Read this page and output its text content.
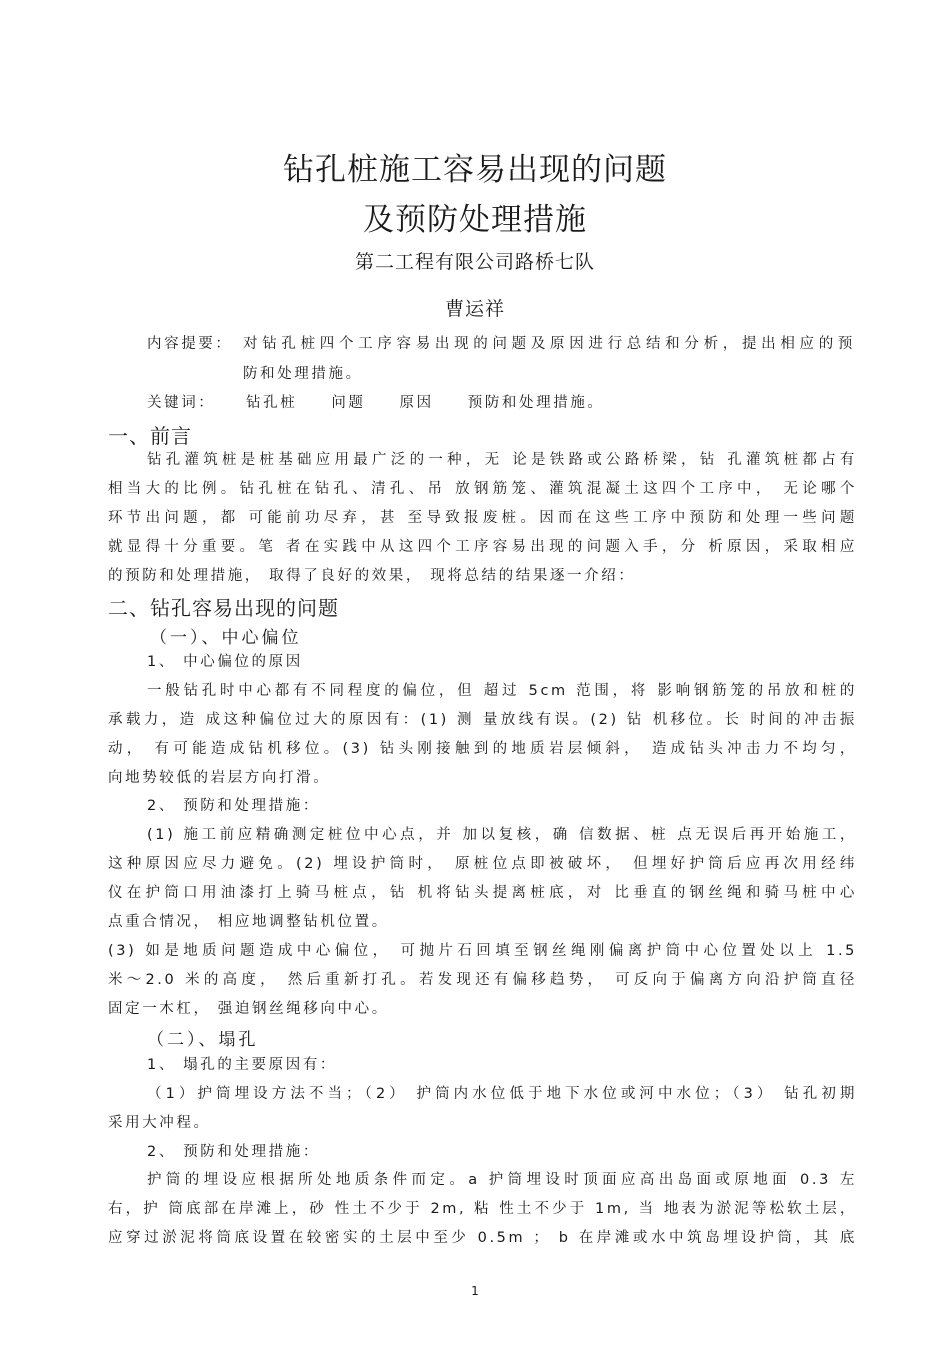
钻孔桩施工容易出现的问题
及预防处理措施
第二工程有限公司路桥七队
曹运祥
内容提要： 对钻孔桩四个工序容易出现的问题及原因进行总结和分析，提出相应的预
防和处理措施。
关键词： 钻孔桩 问题 原因 预防和处理措施。
一、前言
钻孔灌筑桩是桩基础应用最广泛的一种，无 论是铁路或公路桥梁，钻 孔灌筑桩都占有
相当大的比例。钻孔桩在钻孔、清孔、吊 放钢筋笼、灌筑混凝土这四个工序中， 无论哪个
环节出问题，都 可能前功尽弃，甚 至导致报废桩。因而在这些工序中预防和处理一些问题
就显得十分重要。笔 者在实践中从这四个工序容易出现的问题入手，分 析原因，采取相应
的预防和处理措施， 取得了良好的效果， 现将总结的结果逐一介绍：
二、钻孔容易出现的问题
（一）、中心偏位
1、 中心偏位的原因
一般钻孔时中心都有不同程度的偏位，但 超过 5cm 范围，将 影响钢筋笼的吊放和桩的
承载力，造 成这种偏位过大的原因有：(1) 测 量放线有误。(2) 钻 机移位。长 时间的冲击振
动， 有可能造成钻机移位。(3) 钻头刚接触到的地质岩层倾斜， 造成钻头冲击力不均匀，
向地势较低的岩层方向打滑。
2、 预防和处理措施：
(1) 施工前应精确测定桩位中心点，并 加以复核，确 信数据、桩 点无误后再开始施工，
这种原因应尽力避免。(2) 埋设护筒时， 原桩位点即被破坏， 但埋好护筒后应再次用经纬
仪在护筒口用油漆打上骑马桩点，钻 机将钻头提离桩底，对 比垂直的钢丝绳和骑马桩中心
点重合情况， 相应地调整钻机位置。
(3) 如是地质问题造成中心偏位， 可抛片石回填至钢丝绳刚偏离护筒中心位置处以上 1.5
米～2.0 米的高度， 然后重新打孔。若发现还有偏移趋势， 可反向于偏离方向沿护筒直径
固定一木杠， 强迫钢丝绳移向中心。
（二）、塌孔
1、 塌孔的主要原因有：
（1）护筒埋设方法不当；（2） 护筒内水位低于地下水位或河中水位；（3） 钻孔初期
采用大冲程。
2、 预防和处理措施：
护筒的埋设应根据所处地质条件而定。a 护筒埋设时顶面应高出岛面或原地面 0.3 左
右，护 筒底部在岸滩上，砂 性土不少于 2m, 粘 性土不少于 1m, 当 地表为淤泥等松软土层，
应穿过淤泥将筒底设置在较密实的土层中至少 0.5m ； b 在岸滩或水中筑岛埋设护筒，其 底
1
